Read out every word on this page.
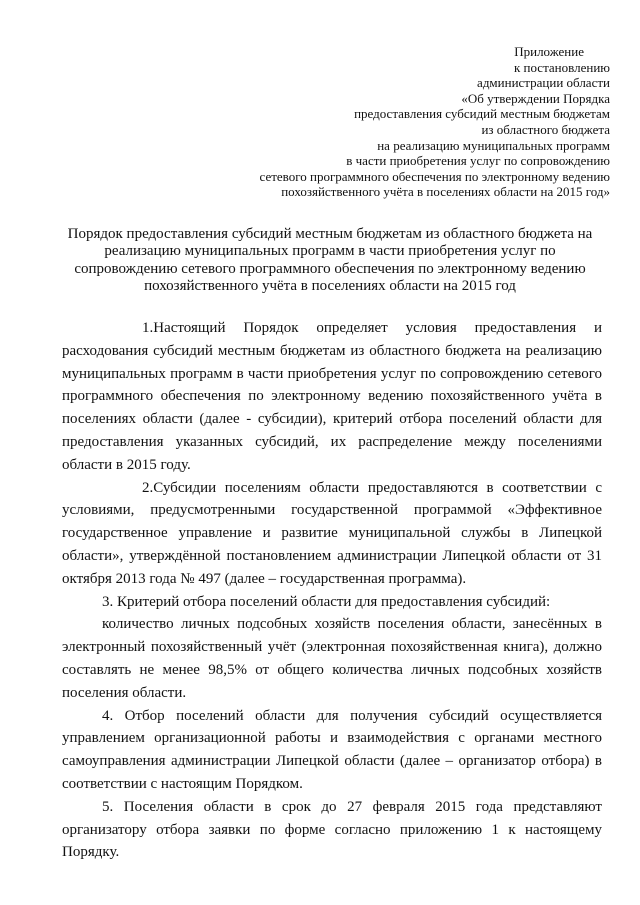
Приложение
к постановлению
администрации области
«Об утверждении Порядка
предоставления субсидий местным бюджетам
из областного бюджета
на реализацию муниципальных программ
в части приобретения услуг по сопровождению
сетевого программного обеспечения по электронному ведению
похозяйственного учёта в поселениях области на 2015 год»
Порядок предоставления субсидий местным бюджетам из областного бюджета на
реализацию муниципальных программ в части приобретения услуг по
сопровождению сетевого программного обеспечения по электронному ведению
похозяйственного учёта в поселениях области на 2015 год

1.Настоящий Порядок определяет условия предоставления и расходования субсидий местным бюджетам из областного бюджета на реализацию муниципальных программ в части приобретения услуг по сопровождению сетевого программного обеспечения по электронному ведению похозяйственного учёта в поселениях области (далее - субсидии), критерий отбора поселений области для предоставления указанных субсидий, их распределение между поселениями области в 2015 году.

2.Субсидии поселениям области предоставляются в соответствии с условиями, предусмотренными государственной программой «Эффективное государственное управление и развитие муниципальной службы в Липецкой области», утверждённой постановлением администрации Липецкой области от 31 октября 2013 года № 497 (далее – государственная программа).

3. Критерий отбора поселений области для предоставления субсидий:

количество личных подсобных хозяйств поселения области, занесённых в электронный похозяйственный учёт (электронная похозяйственная книга), должно составлять не менее 98,5% от общего количества личных подсобных хозяйств поселения области.

4. Отбор поселений области для получения субсидий осуществляется управлением организационной работы и взаимодействия с органами местного самоуправления администрации Липецкой области (далее – организатор отбора) в соответствии с настоящим Порядком.

5. Поселения области в срок до 27 февраля 2015 года представляют организатору отбора заявки по форме согласно приложению 1 к настоящему Порядку.
